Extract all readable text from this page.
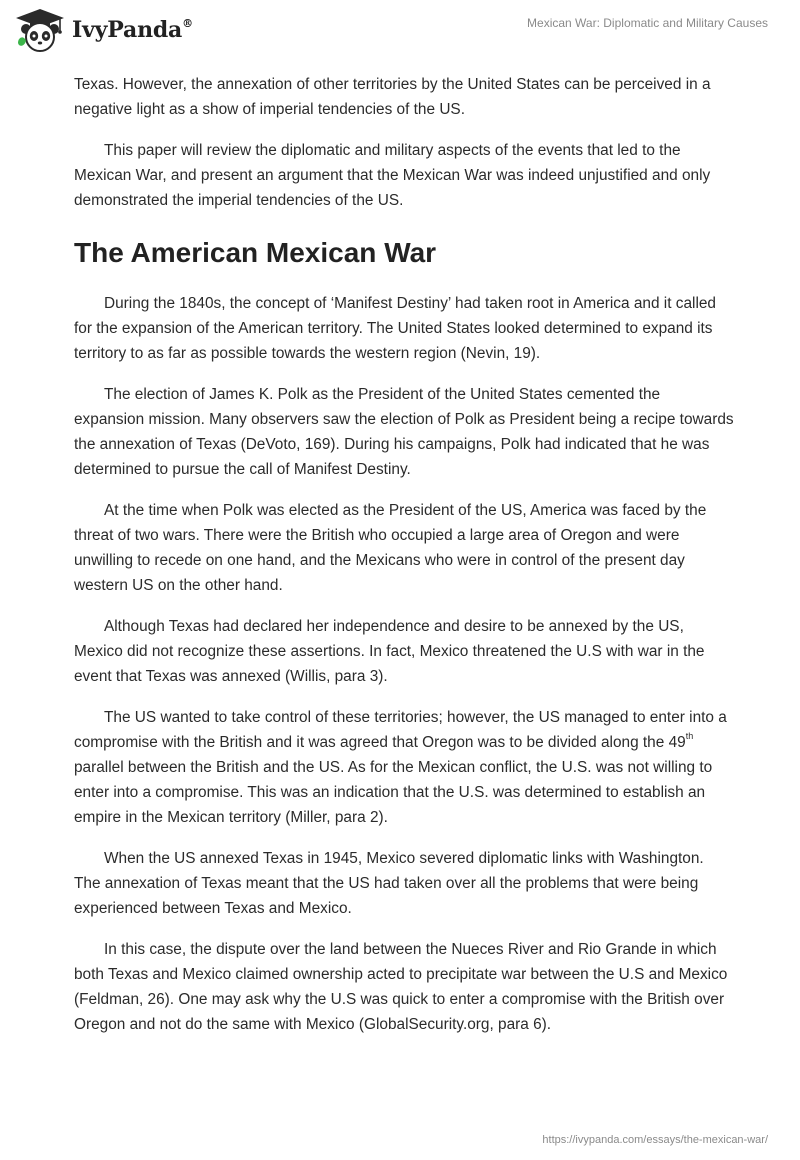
IvyPanda®	Mexican War: Diplomatic and Military Causes

Texas. However, the annexation of other territories by the United States can be perceived in a negative light as a show of imperial tendencies of the US.

This paper will review the diplomatic and military aspects of the events that led to the Mexican War, and present an argument that the Mexican War was indeed unjustified and only demonstrated the imperial tendencies of the US.

The American Mexican War

During the 1840s, the concept of ‘Manifest Destiny’ had taken root in America and it called for the expansion of the American territory. The United States looked determined to expand its territory to as far as possible towards the western region (Nevin, 19).

The election of James K. Polk as the President of the United States cemented the expansion mission. Many observers saw the election of Polk as President being a recipe towards the annexation of Texas (DeVoto, 169). During his campaigns, Polk had indicated that he was determined to pursue the call of Manifest Destiny.

At the time when Polk was elected as the President of the US, America was faced by the threat of two wars. There were the British who occupied a large area of Oregon and were unwilling to recede on one hand, and the Mexicans who were in control of the present day western US on the other hand.

Although Texas had declared her independence and desire to be annexed by the US, Mexico did not recognize these assertions. In fact, Mexico threatened the U.S with war in the event that Texas was annexed (Willis, para 3).

The US wanted to take control of these territories; however, the US managed to enter into a compromise with the British and it was agreed that Oregon was to be divided along the 49th parallel between the British and the US. As for the Mexican conflict, the U.S. was not willing to enter into a compromise. This was an indication that the U.S. was determined to establish an empire in the Mexican territory (Miller, para 2).

When the US annexed Texas in 1945, Mexico severed diplomatic links with Washington. The annexation of Texas meant that the US had taken over all the problems that were being experienced between Texas and Mexico.

In this case, the dispute over the land between the Nueces River and Rio Grande in which both Texas and Mexico claimed ownership acted to precipitate war between the U.S and Mexico (Feldman, 26). One may ask why the U.S was quick to enter a compromise with the British over Oregon and not do the same with Mexico (GlobalSecurity.org, para 6).

https://ivypanda.com/essays/the-mexican-war/
